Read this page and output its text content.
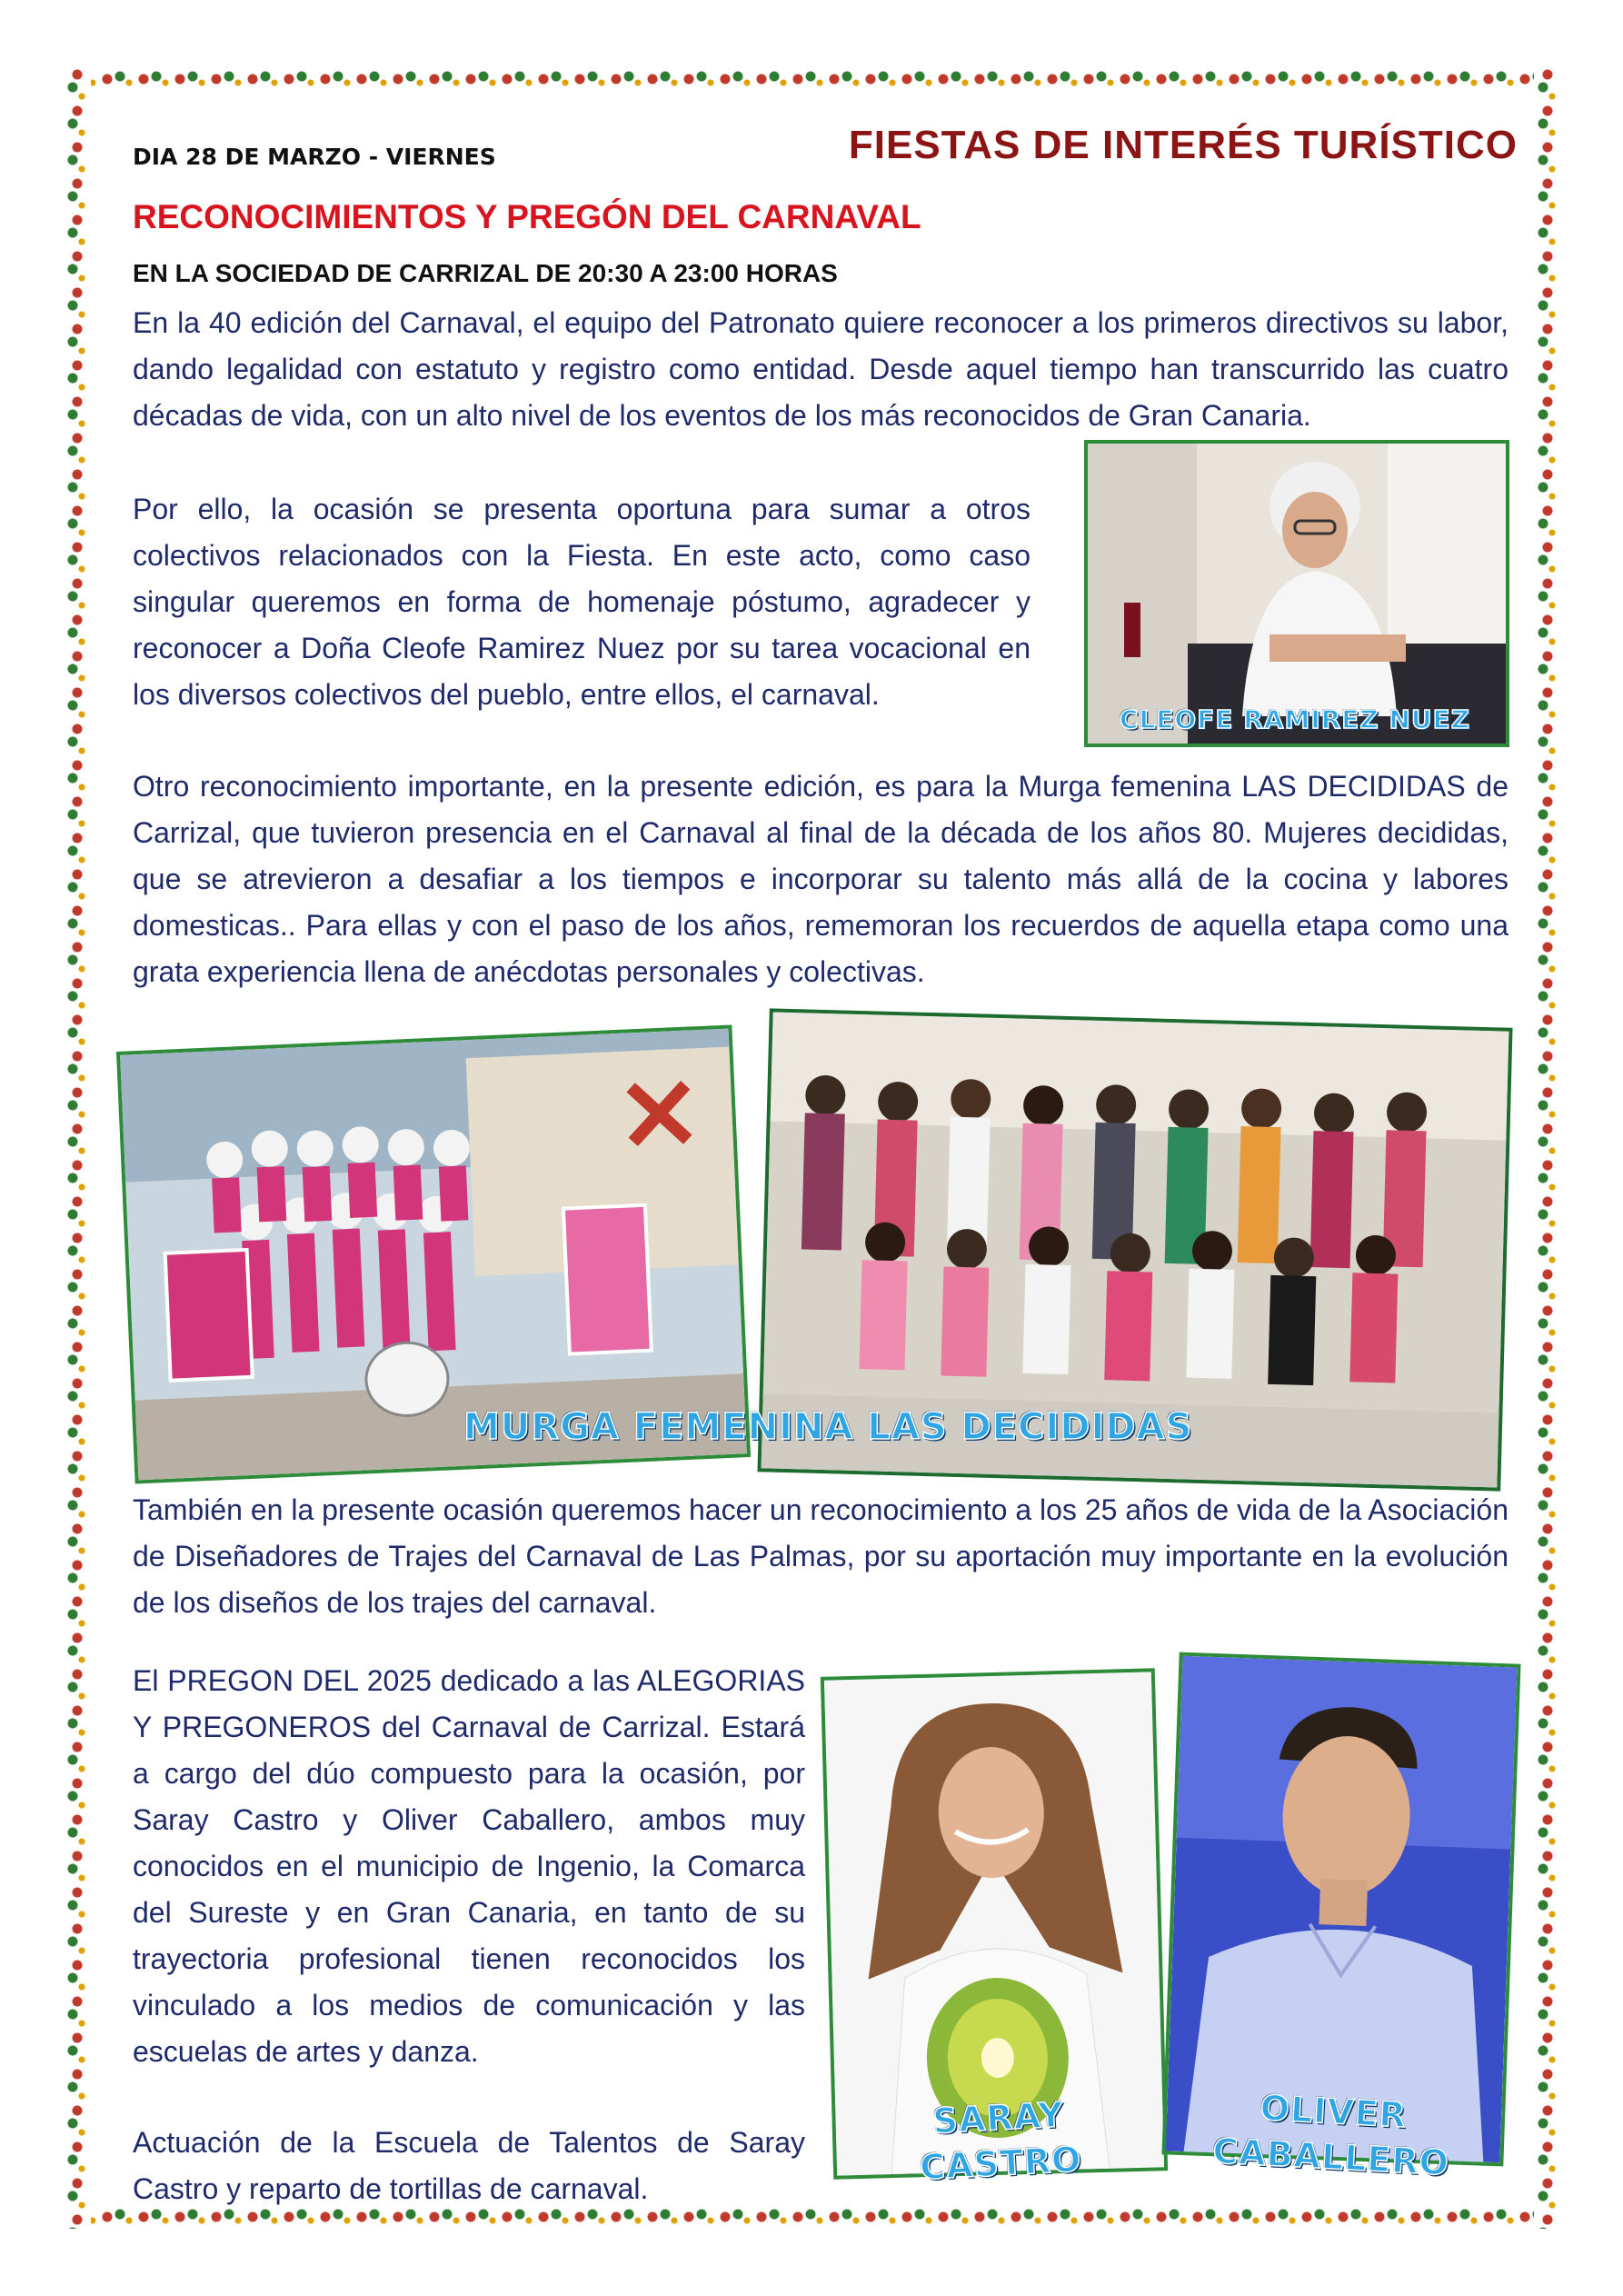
DIA 28 DE MARZO - VIERNES	FIESTAS DE INTERÉS TURÍSTICO
RECONOCIMIENTOS Y PREGÓN DEL CARNAVAL
EN LA SOCIEDAD DE CARRIZAL DE 20:30 A 23:00 HORAS

En la 40 edición del Carnaval, el equipo del Patronato quiere reconocer a los primeros directivos su labor, dando legalidad con estatuto y registro como entidad. Desde aquel tiempo han transcurrido las cuatro décadas de vida, con un alto nivel de los eventos de los más reconocidos de Gran Canaria.

Por ello, la ocasión se presenta oportuna para sumar a otros colectivos relacionados con la Fiesta. En este acto, como caso singular queremos en forma de homenaje póstumo, agradecer y reconocer a Doña Cleofe Ramirez Nuez por su tarea vocacional en los diversos colectivos del pueblo, entre ellos, el carnaval.

Otro reconocimiento importante, en la presente edición, es para la Murga femenina LAS DECIDIDAS de Carrizal, que tuvieron presencia en el Carnaval al final de la década de los años 80. Mujeres decididas, que se atrevieron a desafiar a los tiempos e incorporar su talento más allá de la cocina y labores domesticas.. Para ellas y con el paso de los años, rememoran los recuerdos de aquella etapa como una grata experiencia llena de anécdotas personales y colectivas.

También en la presente ocasión queremos hacer un reconocimiento a los 25 años de vida de la Asociación de Diseñadores de Trajes del Carnaval de Las Palmas, por su aportación muy importante en la evolución de los diseños de los trajes del carnaval.

El PREGON DEL 2025 dedicado a las ALEGORIAS Y PREGONEROS del Carnaval de Carrizal. Estará a cargo del dúo compuesto para la ocasión, por Saray Castro y Oliver Caballero, ambos muy conocidos en el municipio de Ingenio, la Comarca del Sureste y en Gran Canaria, en tanto de su trayectoria profesional tienen reconocidos los vinculado a los medios de comunicación y las escuelas de artes y danza.

Actuación de la Escuela de Talentos de Saray Castro y reparto de tortillas de carnaval.

CLEOFE RAMIREZ NUEZ
MURGA FEMENINA LAS DECIDIDAS
SARAY
CASTRO
OLIVER
CABALLERO
